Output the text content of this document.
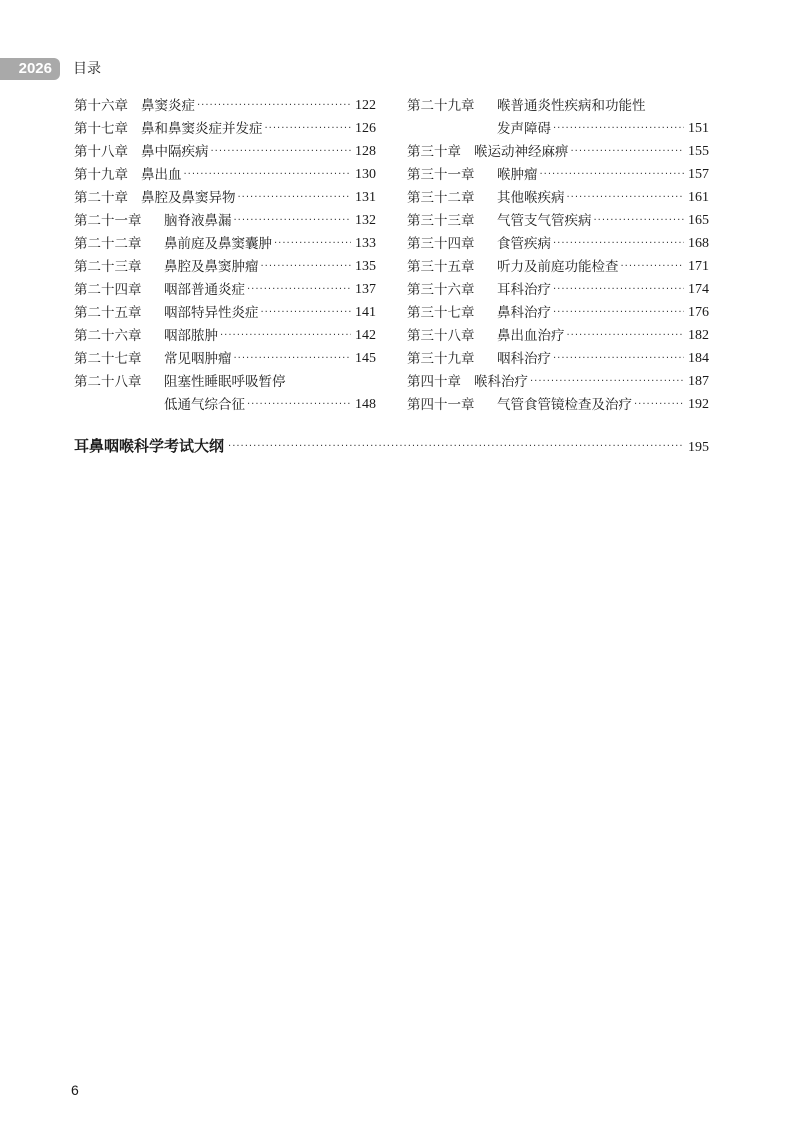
2026	目录
第十六章 鼻窦炎症 ·····	122
第十七章 鼻和鼻窦炎症并发症 ·····	126
第十八章 鼻中隔疾病 ·····	128
第十九章 鼻出血 ·····	130
第二十章 鼻腔及鼻窦异物 ·····	131
第二十一章	脑脊液鼻漏 ·····	132
第二十二章	鼻前庭及鼻窦囊肿 ·····	133
第二十三章	鼻腔及鼻窦肿瘤 ·····	135
第二十四章	咽部普通炎症 ·····	137
第二十五章	咽部特异性炎症 ·····	141
第二十六章	咽部脓肿 ·····	142
第二十七章	常见咽肿瘤 ·····	145
第二十八章	阻塞性睡眠呼吸暂停
低通气综合征 ·····	148
第二十九章	喉普通炎性疾病和功能性
发声障碍 ·····	151
第三十章 喉运动神经麻痹 ·····	155
第三十一章	喉肿瘤 ·····	157
第三十二章	其他喉疾病 ·····	161
第三十三章	气管支气管疾病 ·····	165
第三十四章	食管疾病 ·····	168
第三十五章	听力及前庭功能检查 ·····	171
第三十六章	耳科治疗 ·····	174
第三十七章	鼻科治疗 ·····	176
第三十八章	鼻出血治疗 ·····	182
第三十九章	咽科治疗 ·····	184
第四十章 喉科治疗 ·····	187
第四十一章	气管食管镜检查及治疗 ·····	192
耳鼻咽喉科学考试大纲 ·····	195
6
